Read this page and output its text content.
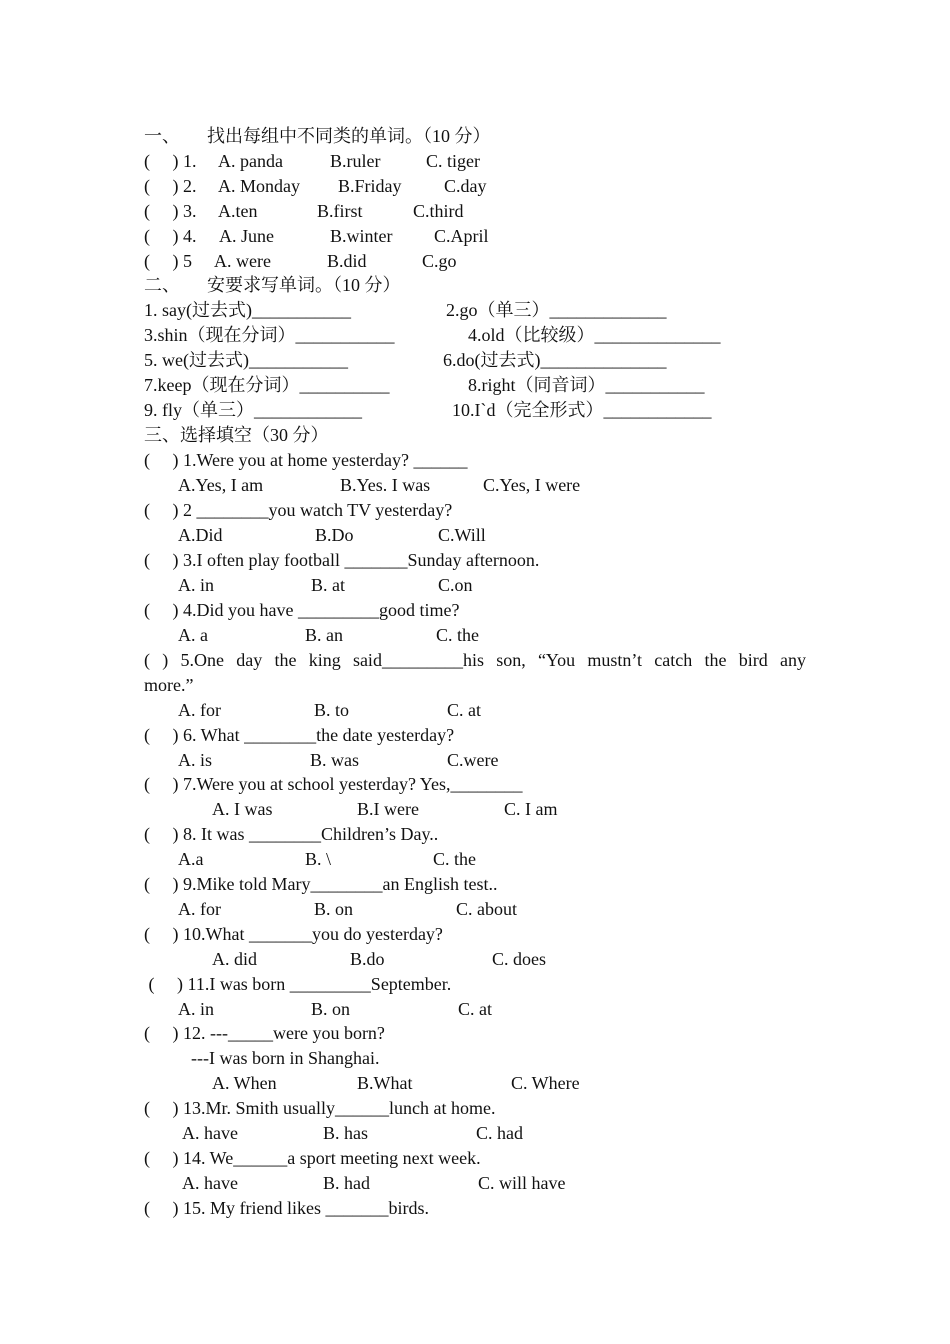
一、      找出每组中不同类的单词。（10 分）
(     ) 1. A. panda	B.ruler	C. tiger
(     ) 2. A. Monday B.Friday C.day
(     ) 3. A.ten	B.first	C.third
(     ) 4. A. June	B.winter C.April
(     ) 5 A. were	B.did	C.go
二、      安要求写单词。（10 分）
1. say(过去式)___________	2.go（单三）_____________
3.shin（现在分词）___________	4.old（比较级）______________
5. we(过去式)___________	6.do(过去式)______________
7.keep（现在分词）__________	8.right（同音词）___________
9. fly（单三）____________	10.I`d（完全形式）____________
三、选择填空（30 分）
(     ) 1.Were you at home yesterday? ______
A.Yes, I am	B.Yes. I was	C.Yes, I were
(     ) 2 ________you watch TV yesterday?
A.Did	B.Do	C.Will
(     ) 3.I often play football _______Sunday afternoon.
A. in	B. at	C.on
(     ) 4.Did you have _________good time?
A. a	B. an	C. the
( ) 5.One day the king said_________his son, “You mustn’t catch the bird any
more.”
A. for	B. to	C. at
(     ) 6. What ________the date yesterday?
A. is	B. was	C.were
(     ) 7.Were you at school yesterday? Yes,________
A. I was	B.I were	C. I am
(     ) 8. It was ________Children’s Day..
A.a	B. \	C. the
(     ) 9.Mike told Mary________an English test..
A. for	B. on	C. about
(     ) 10.What _______you do yesterday?
A. did	B.do	C. does
(     ) 11.I was born _________September.
A. in	B. on	C. at
(     ) 12. ---_____were you born?
---I was born in Shanghai.
A. When	B.What	C. Where
(     ) 13.Mr. Smith usually______lunch at home.
A. have	B. has	C. had
(     ) 14. We______a sport meeting next week.
A. have	B. had	C. will have
(     ) 15. My friend likes _______birds.
